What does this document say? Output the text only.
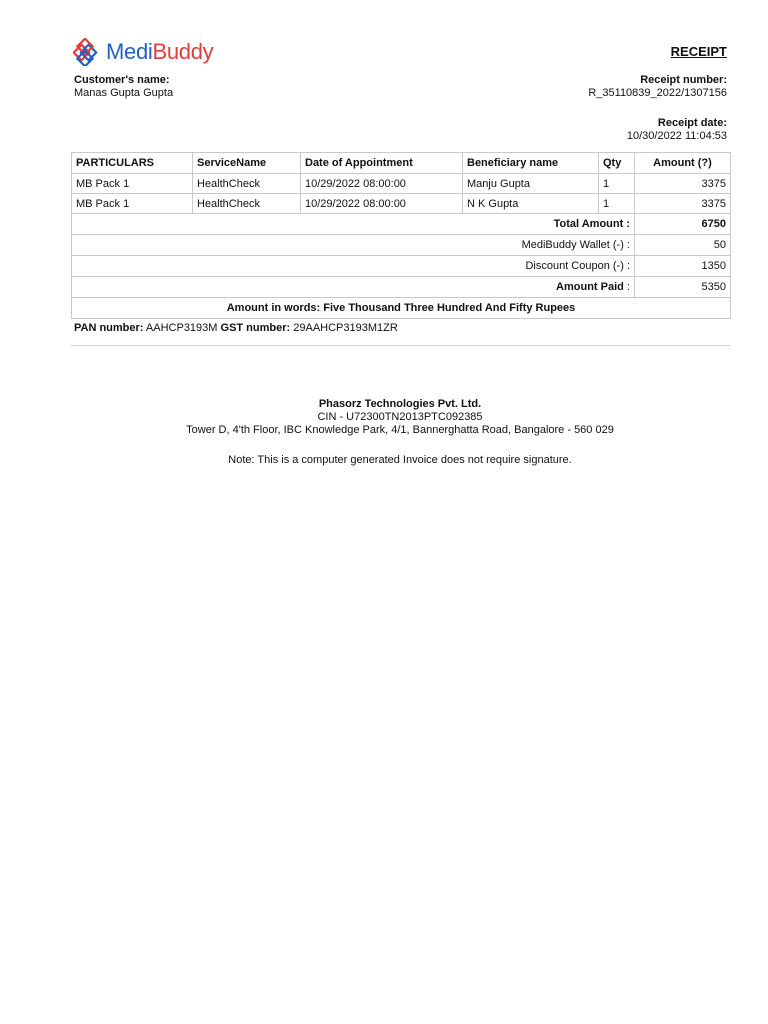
MediBuddy	RECEIPT
Customer's name:
Manas Gupta Gupta
Receipt number:
R_35110839_2022/1307156
Receipt date:
10/30/2022 11:04:53
PARTICULARS	ServiceName	Date of Appointment	Beneficiary name	Qty	Amount (?)
MB Pack 1	HealthCheck	10/29/2022 08:00:00	Manju Gupta	1	3375
MB Pack 1	HealthCheck	10/29/2022 08:00:00	N K Gupta	1	3375
Total Amount :					6750
MediBuddy Wallet (-) :					50
Discount Coupon (-) :					1350
Amount Paid :					5350
Amount in words: Five Thousand Three Hundred And Fifty Rupees					
PAN number: AAHCP3193M GST number: 29AAHCP3193M1ZR
Phasorz Technologies Pvt. Ltd.
CIN - U72300TN2013PTC092385
Tower D, 4'th Floor, IBC Knowledge Park, 4/1, Bannerghatta Road, Bangalore - 560 029
Note: This is a computer generated Invoice does not require signature.
